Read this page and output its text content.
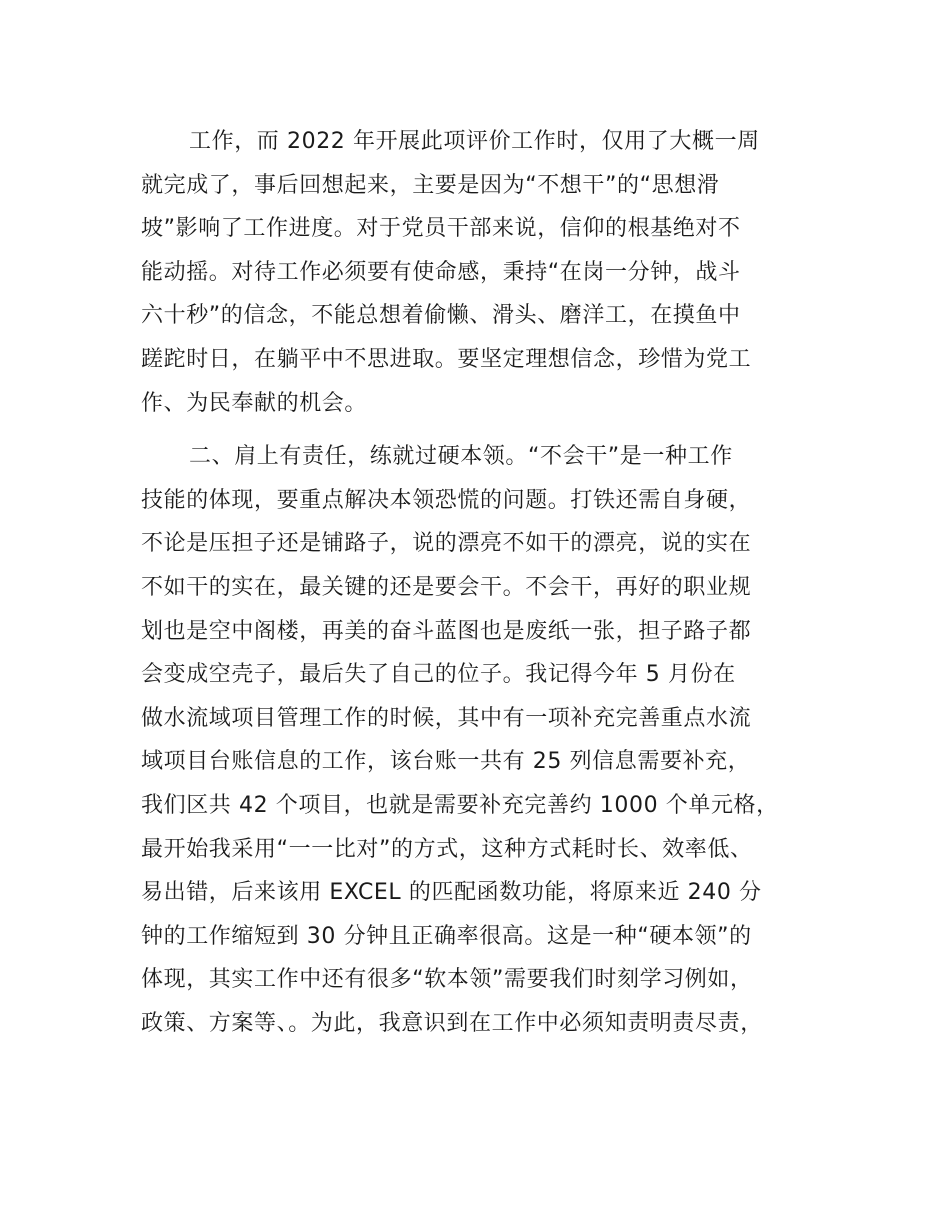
工作，而 2022 年开展此项评价工作时，仅用了大概一周
就完成了，事后回想起来，主要是因为“不想干”的“思想滑
坡”影响了工作进度。对于党员干部来说，信仰的根基绝对不
能动摇。对待工作必须要有使命感，秉持“在岗一分钟，战斗
六十秒”的信念，不能总想着偷懒、滑头、磨洋工，在摸鱼中
蹉跎时日，在躺平中不思进取。要坚定理想信念，珍惜为党工
作、为民奉献的机会。
二、肩上有责任，练就过硬本领。“不会干”是一种工作
技能的体现，要重点解决本领恐慌的问题。打铁还需自身硬，
不论是压担子还是铺路子，说的漂亮不如干的漂亮，说的实在
不如干的实在，最关键的还是要会干。不会干，再好的职业规
划也是空中阁楼，再美的奋斗蓝图也是废纸一张，担子路子都
会变成空壳子，最后失了自己的位子。我记得今年 5 月份在
做水流域项目管理工作的时候，其中有一项补充完善重点水流
域项目台账信息的工作，该台账一共有 25 列信息需要补充，
我们区共 42 个项目，也就是需要补充完善约 1000 个单元格，
最开始我采用“一一比对”的方式，这种方式耗时长、效率低、
易出错，后来该用 EXCEL 的匹配函数功能，将原来近 240 分
钟的工作缩短到 30 分钟且正确率很高。这是一种“硬本领”的
体现，其实工作中还有很多“软本领”需要我们时刻学习例如，
政策、方案等、。为此，我意识到在工作中必须知责明责尽责，
